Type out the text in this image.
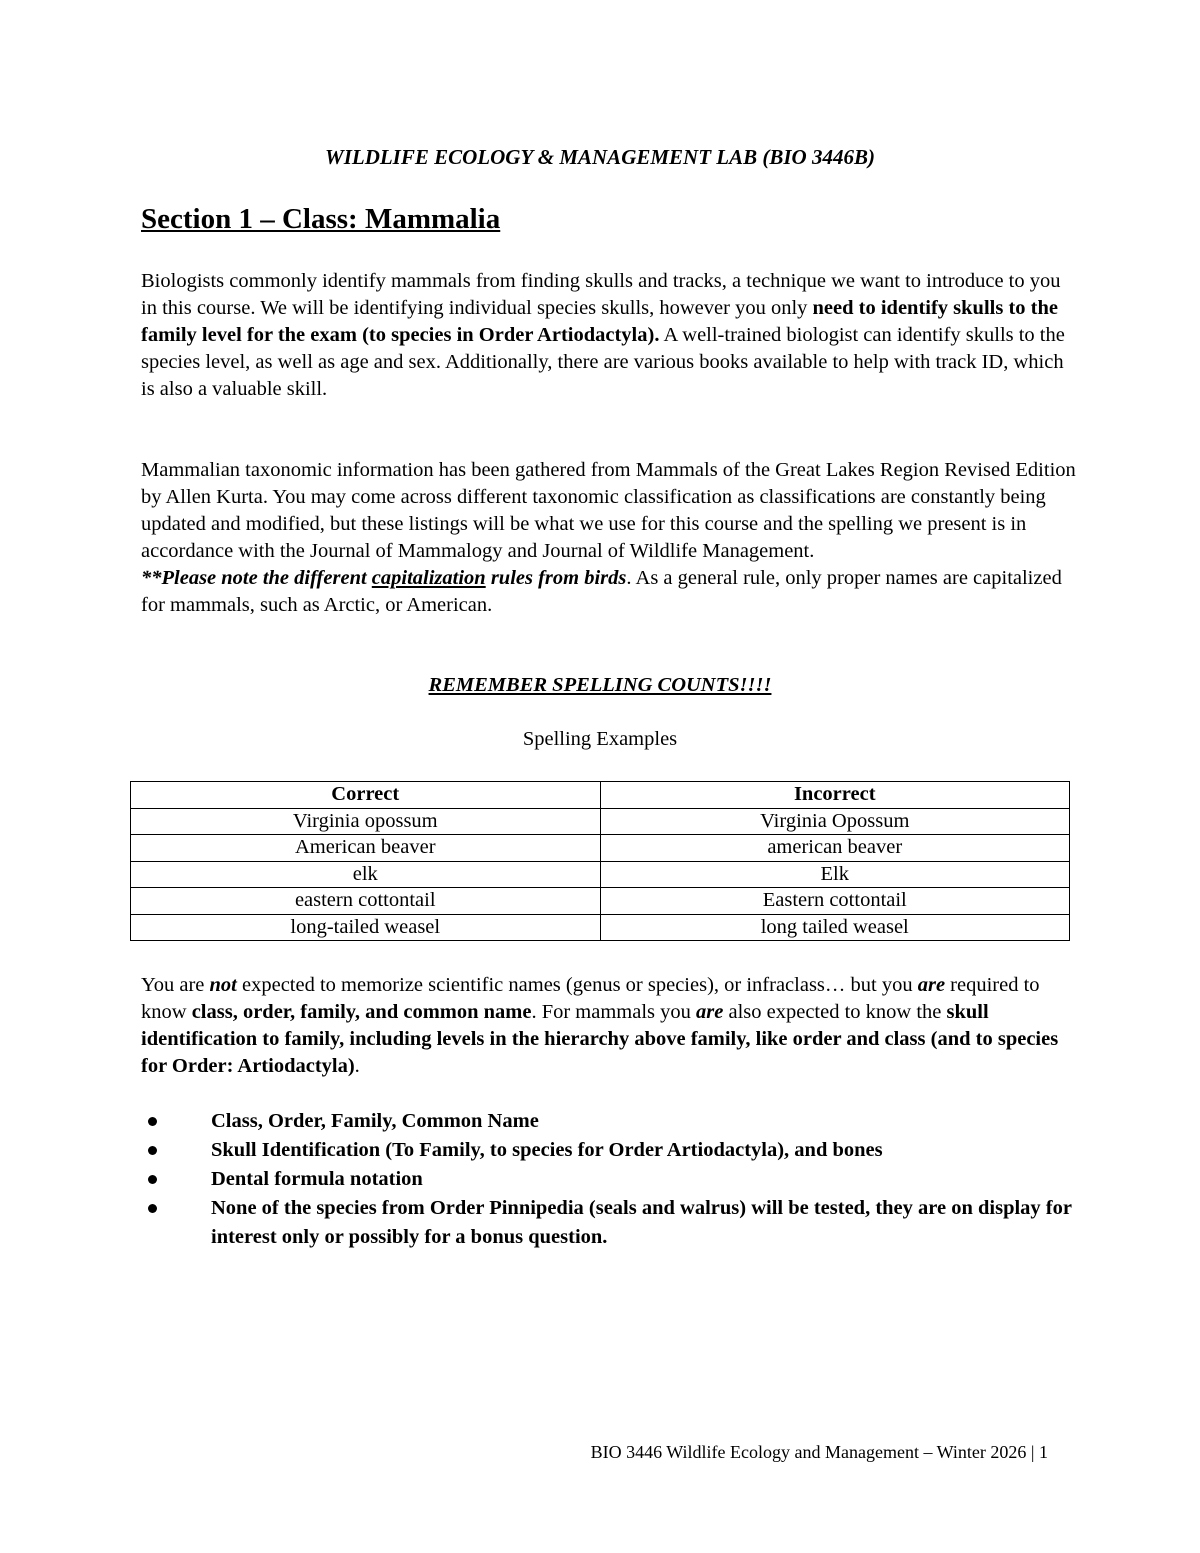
WILDLIFE ECOLOGY & MANAGEMENT LAB (BIO 3446B)
Section 1 – Class: Mammalia

Biologists commonly identify mammals from finding skulls and tracks, a technique we want to introduce to you in this course. We will be identifying individual species skulls, however you only need to identify skulls to the family level for the exam (to species in Order Artiodactyla). A well-trained biologist can identify skulls to the species level, as well as age and sex. Additionally, there are various books available to help with track ID, which is also a valuable skill.

Mammalian taxonomic information has been gathered from Mammals of the Great Lakes Region Revised Edition by Allen Kurta. You may come across different taxonomic classification as classifications are constantly being updated and modified, but these listings will be what we use for this course and the spelling we present is in accordance with the Journal of Mammalogy and Journal of Wildlife Management.
**Please note the different capitalization rules from birds. As a general rule, only proper names are capitalized for mammals, such as Arctic, or American.

REMEMBER SPELLING COUNTS!!!!

Spelling Examples

Correct	Incorrect
Virginia opossum	Virginia Opossum
American beaver	american beaver
elk	Elk
eastern cottontail	Eastern cottontail
long-tailed weasel	long tailed weasel

You are not expected to memorize scientific names (genus or species), or infraclass… but you are required to know class, order, family, and common name. For mammals you are also expected to know the skull identification to family, including levels in the hierarchy above family, like order and class (and to species for Order: Artiodactyla).

Class, Order, Family, Common Name
Skull Identification (To Family, to species for Order Artiodactyla), and bones
Dental formula notation
None of the species from Order Pinnipedia (seals and walrus) will be tested, they are on display for interest only or possibly for a bonus question.

BIO 3446 Wildlife Ecology and Management – Winter 2026 | 1
